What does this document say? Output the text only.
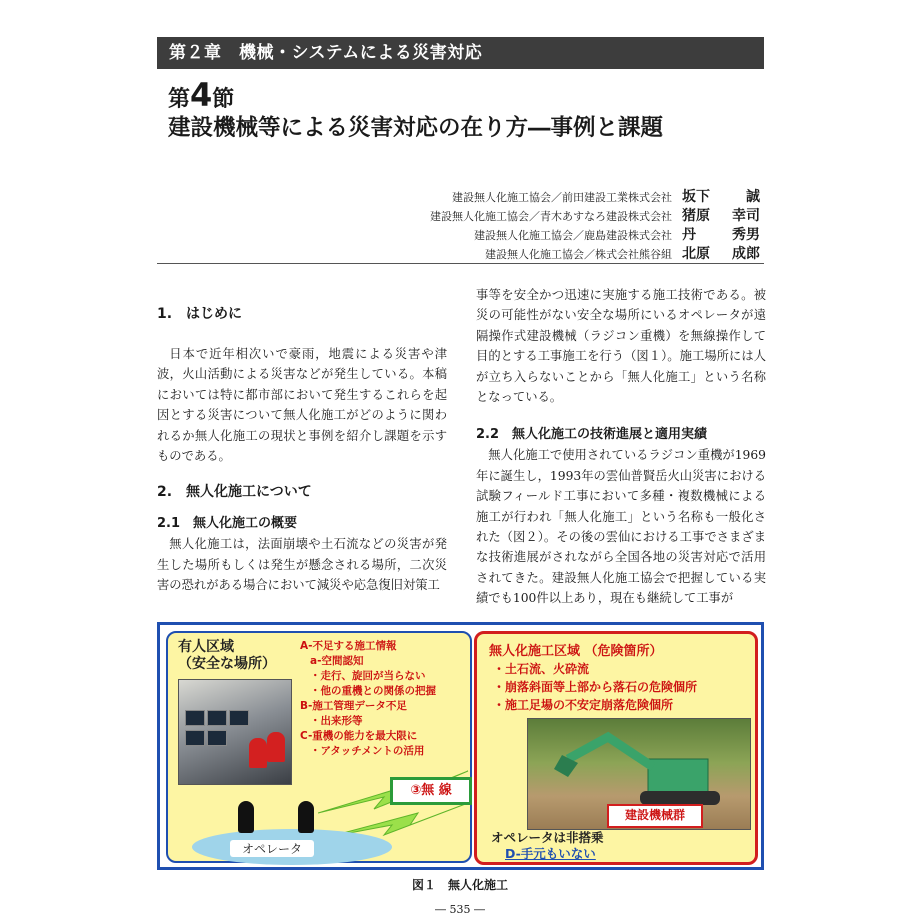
第２章　機械・システムによる災害対応
第4節
建設機械等による災害対応の在り方―事例と課題
建設無人化施工協会／前田建設工業株式会社 坂下	誠
建設無人化施工協会／青木あすなろ建設株式会社 猪原 幸司
建設無人化施工協会／鹿島建設株式会社 丹	秀男
建設無人化施工協会／株式会社熊谷組 北原 成郎
1.　はじめに

日本で近年相次いで豪雨，地震による災害や津波，火山活動による災害などが発生している。本稿においては特に都市部において発生するこれらを起因とする災害について無人化施工がどのように関われるか無人化施工の現状と事例を紹介し課題を示すものである。

2.　無人化施工について
2.1　無人化施工の概要

無人化施工は，法面崩壊や土石流などの災害が発生した場所もしくは発生が懸念される場所，二次災害の恐れがある場合において減災や応急復旧対策工

事等を安全かつ迅速に実施する施工技術である。被災の可能性がない安全な場所にいるオペレータが遠隔操作式建設機械（ラジコン重機）を無線操作して目的とする工事施工を行う（図１）。施工場所には人が立ち入らないことから「無人化施工」という名称となっている。

2.2　無人化施工の技術進展と適用実績

無人化施工で使用されているラジコン重機が1969年に誕生し，1993年の雲仙普賢岳火山災害における試験フィールド工事において多種・複数機械による施工が行われ「無人化施工」という名称も一般化された（図２）。その後の雲仙における工事でさまざまな技術進展がされながら全国各地の災害対応で活用されてきた。建設無人化施工協会で把握している実績でも100件以上あり，現在も継続して工事が

有人区域
（安全な場所）
A-不足する施工情報
a-空間認知
・走行、旋回が当らない
・他の重機との関係の把握
B-施工管理データ不足
・出来形等
C-重機の能力を最大限に
・アタッチメントの活用
オペレータ
③無 線
無人化施工区域 （危険箇所）
・土石流、火砕流
・崩落斜面等上部から落石の危険個所
・施工足場の不安定崩落危険個所
建設機械群
オペレータは非搭乗
D-手元もいない
図１　無人化施工
― 535 ―
